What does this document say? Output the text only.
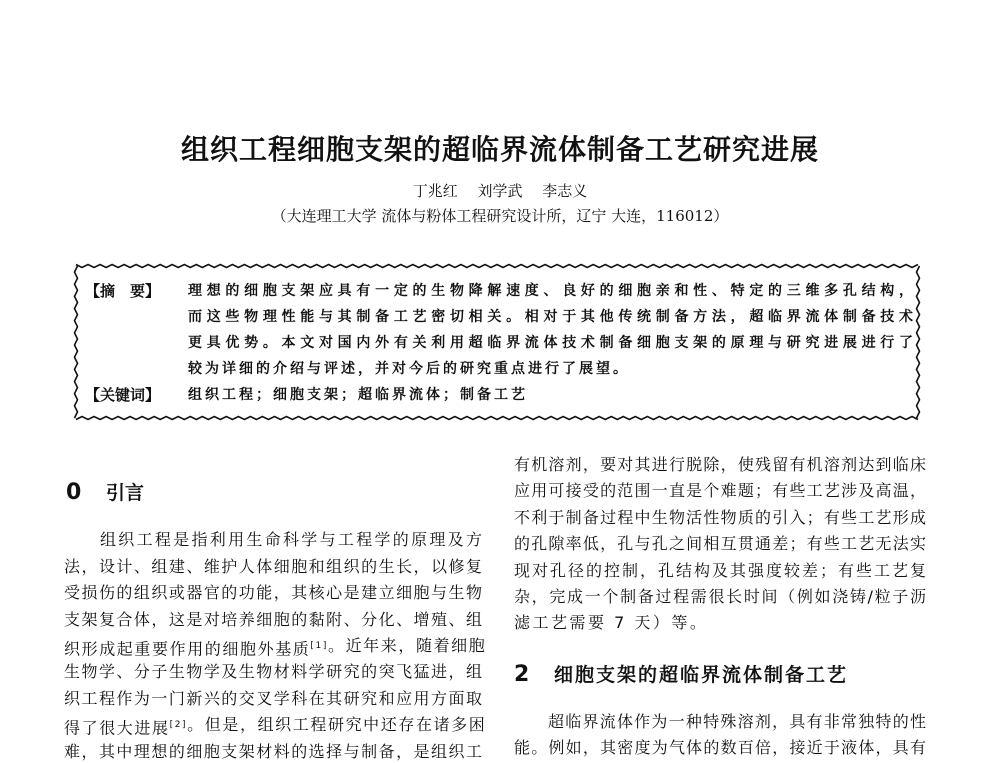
组织工程细胞支架的超临界流体制备工艺研究进展
丁兆红　 刘学武　 李志义
（大连理工大学 流体与粉体工程研究设计所，辽宁 大连，116012）
【摘　要】 理想的细胞支架应具有一定的生物降解速度、良好的细胞亲和性、特定的三维多孔结构，
而这些物理性能与其制备工艺密切相关。相对于其他传统制备方法，超临界流体制备技术
更具优势。本文对国内外有关利用超临界流体技术制备细胞支架的原理与研究进展进行了
较为详细的介绍与评述，并对今后的研究重点进行了展望。
【关键词】 组织工程；细胞支架；超临界流体；制备工艺
0 引言
组织工程是指利用生命科学与工程学的原理及方
法，设计、组建、维护人体细胞和组织的生长，以修复
受损伤的组织或器官的功能，其核心是建立细胞与生物
支架复合体，这是对培养细胞的黏附、分化、增殖、组
织形成起重要作用的细胞外基质[1] 。近年来，随着细胞
生物学、分子生物学及生物材料学研究的突飞猛进，组
织工程作为一门新兴的交叉学科在其研究和应用方面取
得了很大进展[2] 。但是，组织工程研究中还存在诸多困
难，其中理想的细胞支架材料的选择与制备，是组织工
有机溶剂，要对其进行脱除，使残留有机溶剂达到临床
应用可接受的范围一直是个难题；有些工艺涉及高温，
不利于制备过程中生物活性物质的引入；有些工艺形成
的孔隙率低，孔与孔之间相互贯通差；有些工艺无法实
现对孔径的控制，孔结构及其强度较差；有些工艺复
杂，完成一个制备过程需很长时间（例如浇铸/粒子沥
滤工艺需要 7 天）等。
2 细胞支架的超临界流体制备工艺
超临界流体作为一种特殊溶剂，具有非常独特的性
能。例如，其密度为气体的数百倍，接近于液体，具有
